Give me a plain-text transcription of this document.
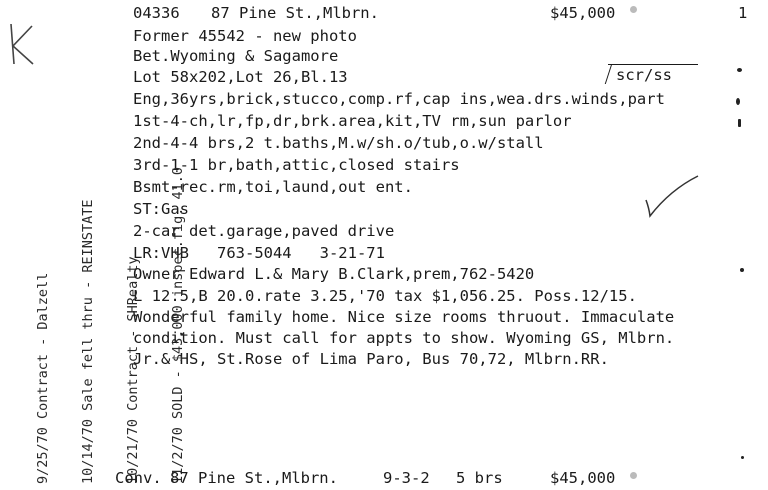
04336 87 Pine St.,Mlbrn.	$45,000	1
Former 45542 - new photo
Bet.Wyoming & Sagamore
Lot 58x202,Lot 26,Bl.13
Eng,36yrs,brick,stucco,comp.rf,cap ins,wea.drs.winds,part
1st-4-ch,lr,fp,dr,brk.area,kit,TV rm,sun parlor
2nd-4-4 brs,2 t.baths,M.w/sh.o/tub,o.w/stall
3rd-1-1 br,bath,attic,closed stairs
Bsmt-rec.rm,toi,laund,out ent.
ST:Gas
2-car det.garage,paved drive
LR:VHB   763-5044   3-21-71
Owner Edward L.& Mary B.Clark,prem,762-5420
L 12.5,B 20.0.rate 3.25,'70 tax $1,056.25. Poss.12/15.
Wonderful family home. Nice size rooms thruout. Immaculate
condition. Must call for appts to show. Wyoming GS, Mlbrn.
Jr.& HS, St.Rose of Lima Paro, Bus 70,72, Mlbrn.RR.
scr/ss

9/25/70 Contract - Dalzell

10/14/70 Sale fell thru - REINSTATE

10/21/70 Contract - SHRealty

11/2/70 SOLD - $43,000 inspec.fig. 41.0

Conv. 87 Pine St.,Mlbrn.	9-3-2 5 brs	$45,000
